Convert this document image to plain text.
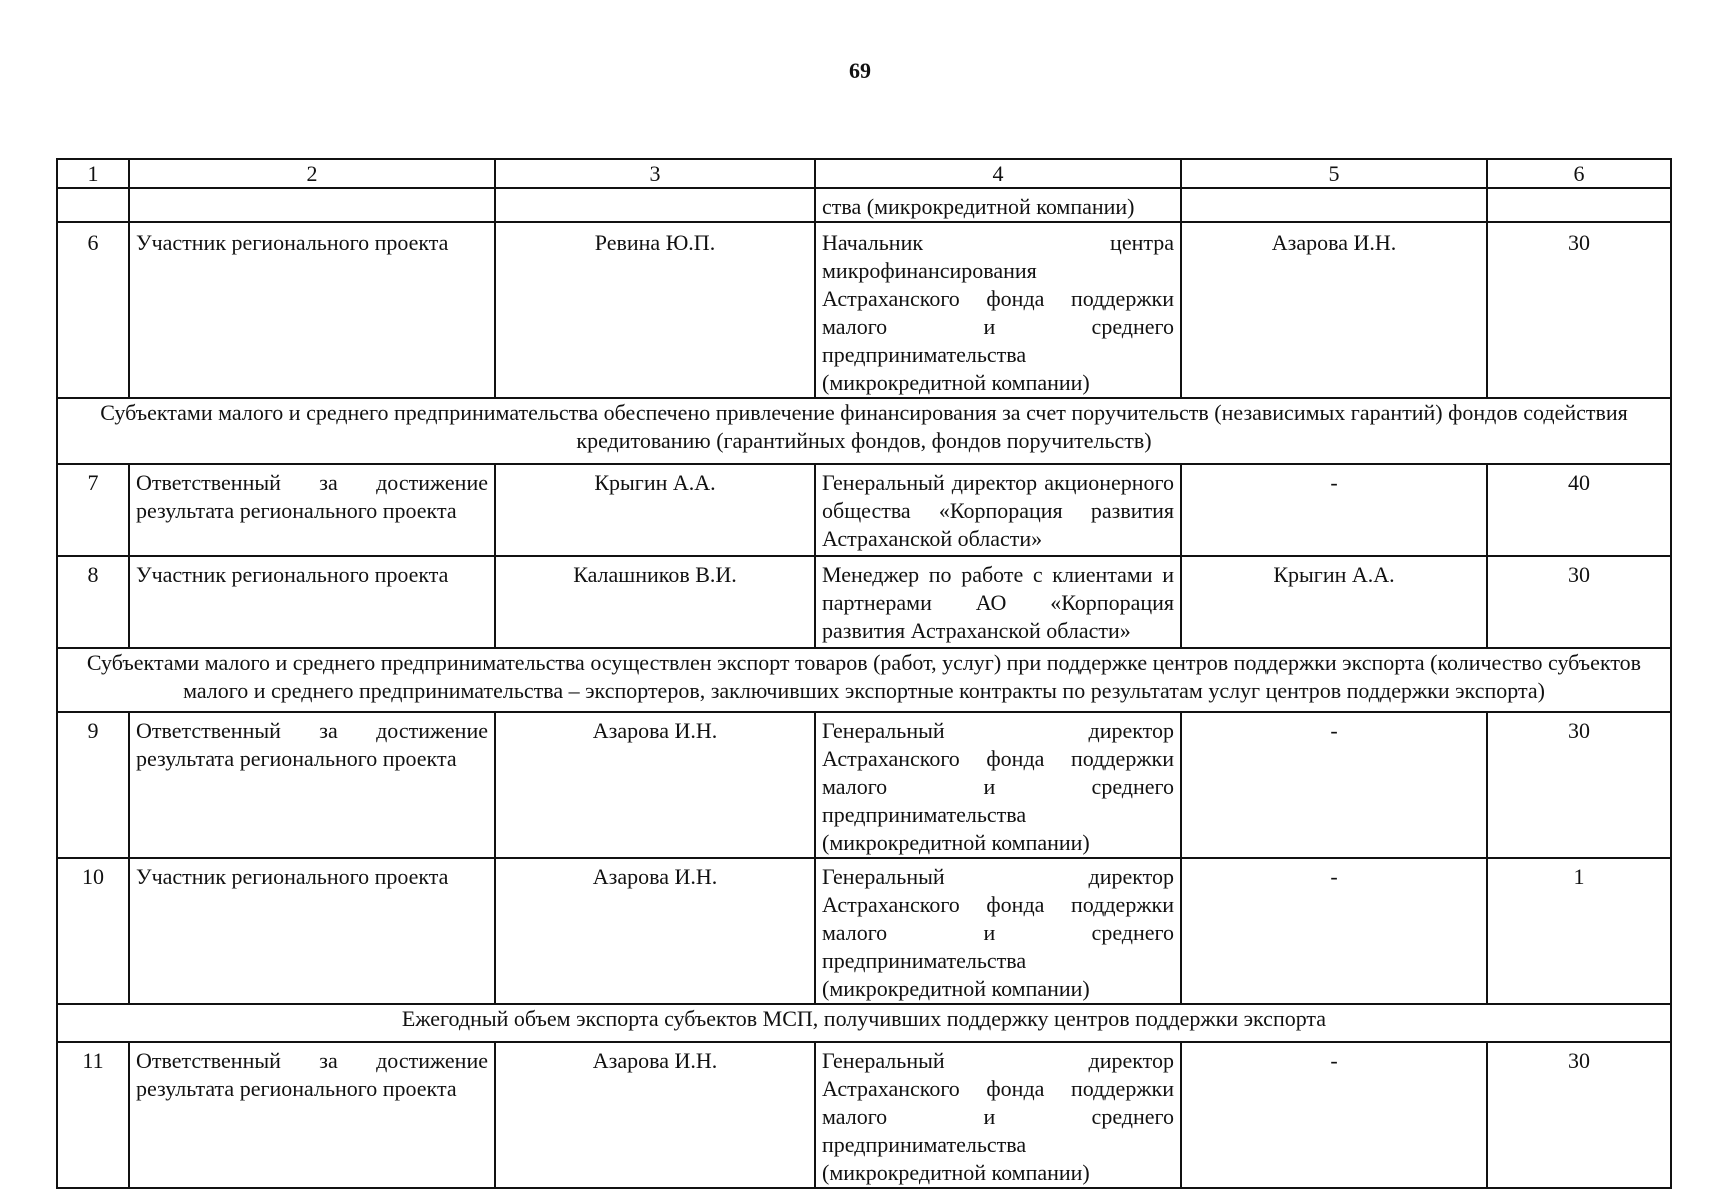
69
1	2	3	4	5	6
			ства (микрокредитной компании)		
6	Участник регионального проекта	Ревина Ю.П.	Начальник центра микрофинансирования Астраханского фонда поддержки малого и среднего предпринимательства (микрокредитной компании)	Азарова И.Н.	30
Субъектами малого и среднего предпринимательства обеспечено привлечение финансирования за счет поручительств (независимых гарантий) фондов содействия кредитованию (гарантийных фондов, фондов поручительств)					
7	Ответственный за достижение результата регионального проекта	Крыгин А.А.	Генеральный директор акционерного общества «Корпорация развития Астраханской области»	-	40
8	Участник регионального проекта	Калашников В.И.	Менеджер по работе с клиентами и партнерами АО «Корпорация развития Астраханской области»	Крыгин А.А.	30
Субъектами малого и среднего предпринимательства осуществлен экспорт товаров (работ, услуг) при поддержке центров поддержки экспорта (количество субъектов малого и среднего предпринимательства – экспортеров, заключивших экспортные контракты по результатам услуг центров поддержки экспорта)					
9	Ответственный за достижение результата регионального проекта	Азарова И.Н.	Генеральный директор Астраханского фонда поддержки малого и среднего предпринимательства (микрокредитной компании)	-	30
10	Участник регионального проекта	Азарова И.Н.	Генеральный директор Астраханского фонда поддержки малого и среднего предпринимательства (микрокредитной компании)	-	1
Ежегодный объем экспорта субъектов МСП, получивших поддержку центров поддержки экспорта					
11	Ответственный за достижение результата регионального проекта	Азарова И.Н.	Генеральный директор Астраханского фонда поддержки малого и среднего предпринимательства (микрокредитной компании)	-	30
